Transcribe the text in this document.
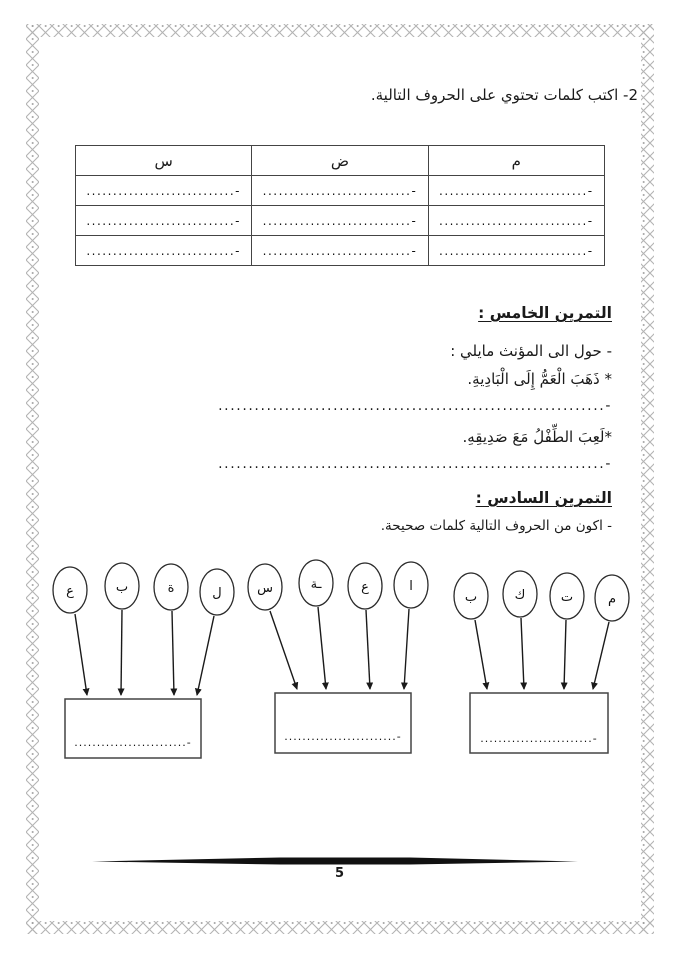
2- اكتب كلمات تحتوي على الحروف التالية.
س	ض	م
-............................	-............................	-............................
-............................	-............................	-............................
-............................	-............................	-............................
التمرين الخامس :
- حول الى المؤنث مايلي :
* ذَهَبَ الْعَمُّ إِلَى الْبَادِيةِ.
-................................................................
*لَعِبَ الطِّفْلُ مَعَ صَدِيقِهِ.
-................................................................
التمرين السادس :
- اكون من الحروف التالية كلمات صحيحة.
ع	ب	ة	ل	س	ـة	ع	ا
ب	ك	ت	م
.........................-	.........................-	.........................-
5
